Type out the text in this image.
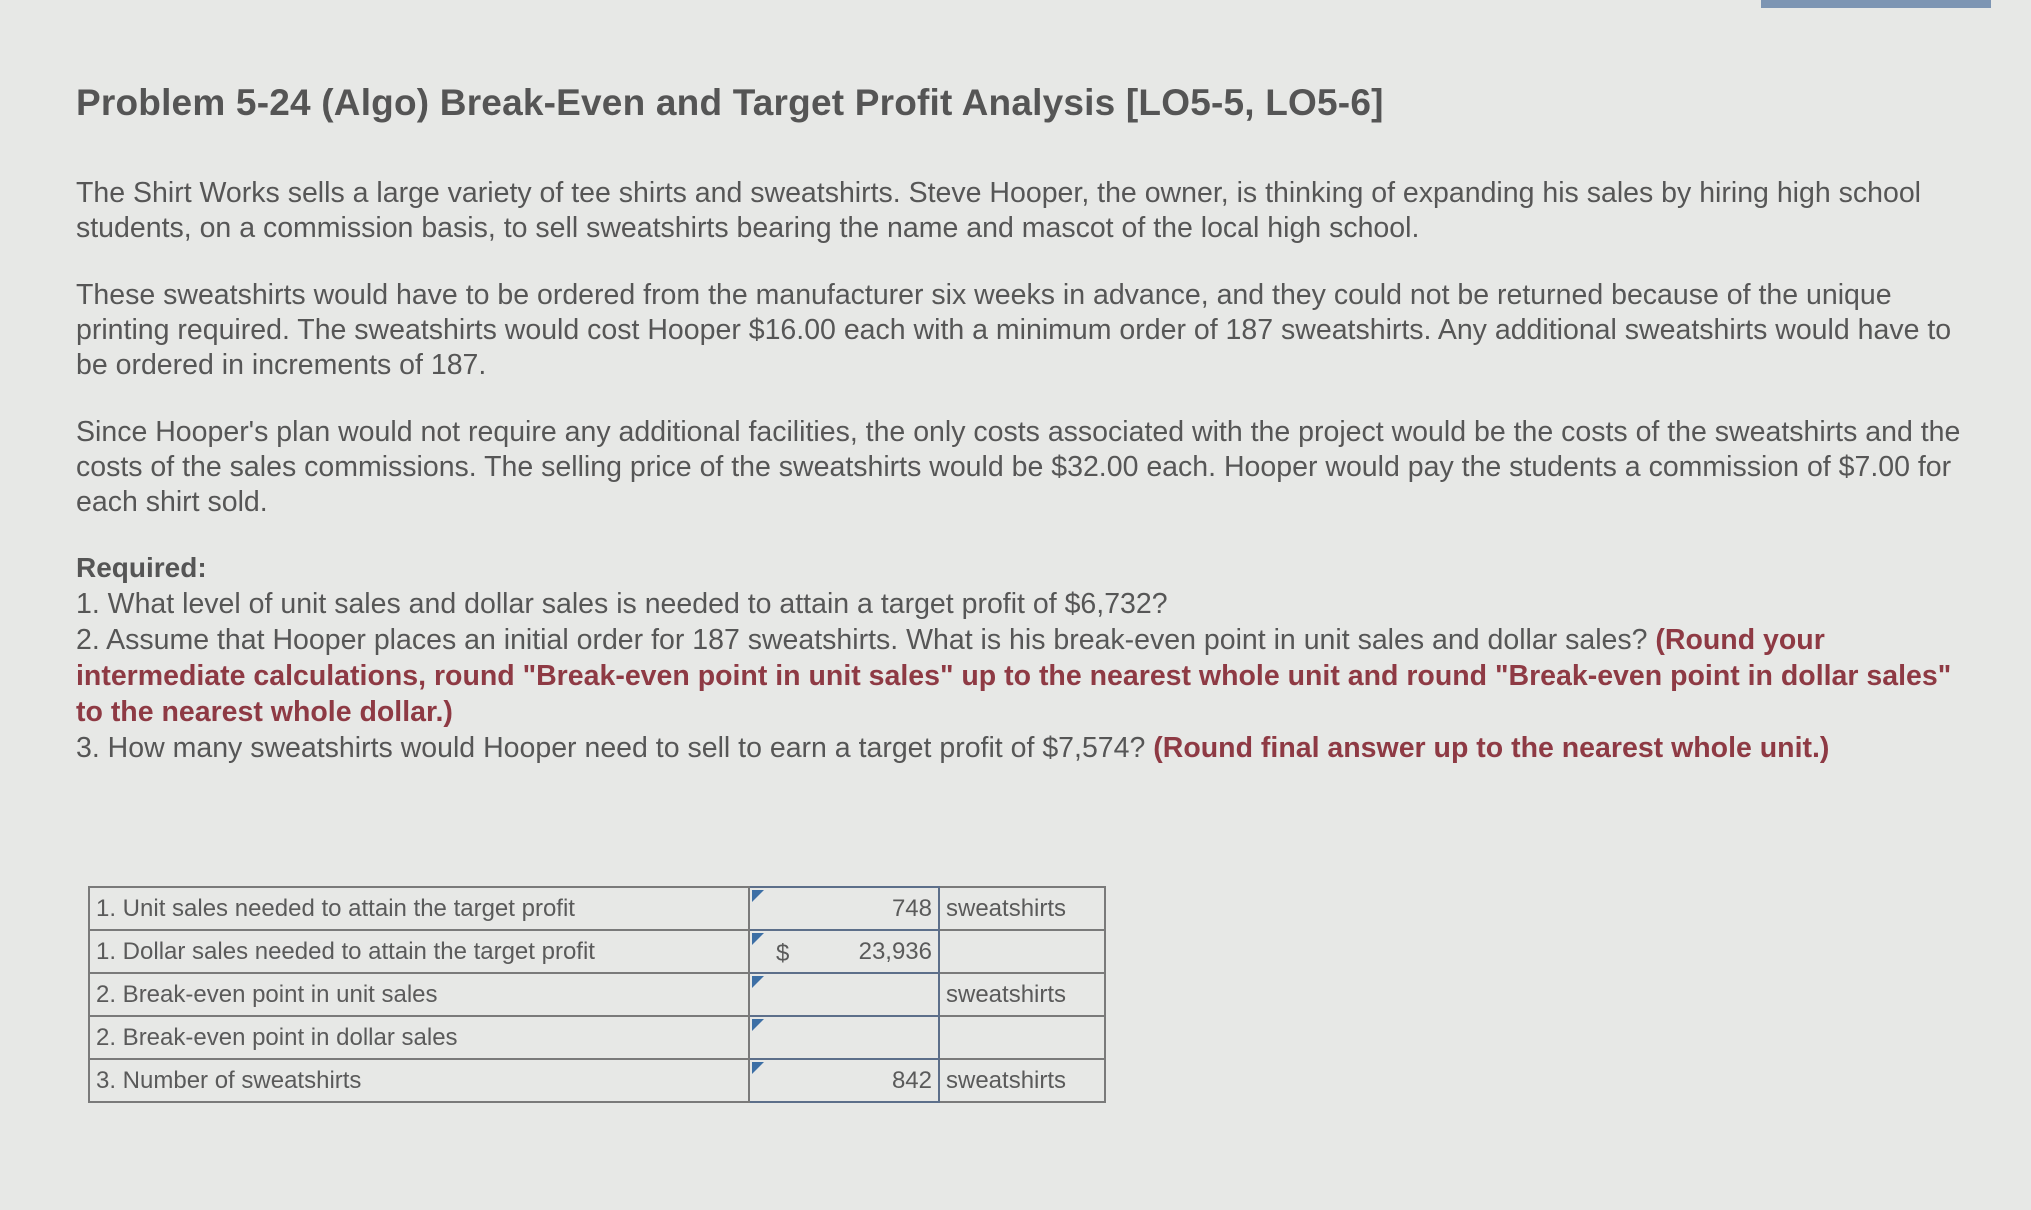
Problem 5-24 (Algo) Break-Even and Target Profit Analysis [LO5-5, LO5-6]

The Shirt Works sells a large variety of tee shirts and sweatshirts. Steve Hooper, the owner, is thinking of expanding his sales by hiring high school students, on a commission basis, to sell sweatshirts bearing the name and mascot of the local high school.

These sweatshirts would have to be ordered from the manufacturer six weeks in advance, and they could not be returned because of the unique printing required. The sweatshirts would cost Hooper $16.00 each with a minimum order of 187 sweatshirts. Any additional sweatshirts would have to be ordered in increments of 187.

Since Hooper's plan would not require any additional facilities, the only costs associated with the project would be the costs of the sweatshirts and the costs of the sales commissions. The selling price of the sweatshirts would be $32.00 each. Hooper would pay the students a commission of $7.00 for each shirt sold.

Required:
1. What level of unit sales and dollar sales is needed to attain a target profit of $6,732?
2. Assume that Hooper places an initial order for 187 sweatshirts. What is his break-even point in unit sales and dollar sales? (Round your intermediate calculations, round "Break-even point in unit sales" up to the nearest whole unit and round "Break-even point in dollar sales" to the nearest whole dollar.)
3. How many sweatshirts would Hooper need to sell to earn a target profit of $7,574? (Round final answer up to the nearest whole unit.)
1. Unit sales needed to attain the target profit	748	sweatshirts
1. Dollar sales needed to attain the target profit	$ 23,936	
2. Break-even point in unit sales		sweatshirts
2. Break-even point in dollar sales	

3. Number of sweatshirts	842	sweatshirts
